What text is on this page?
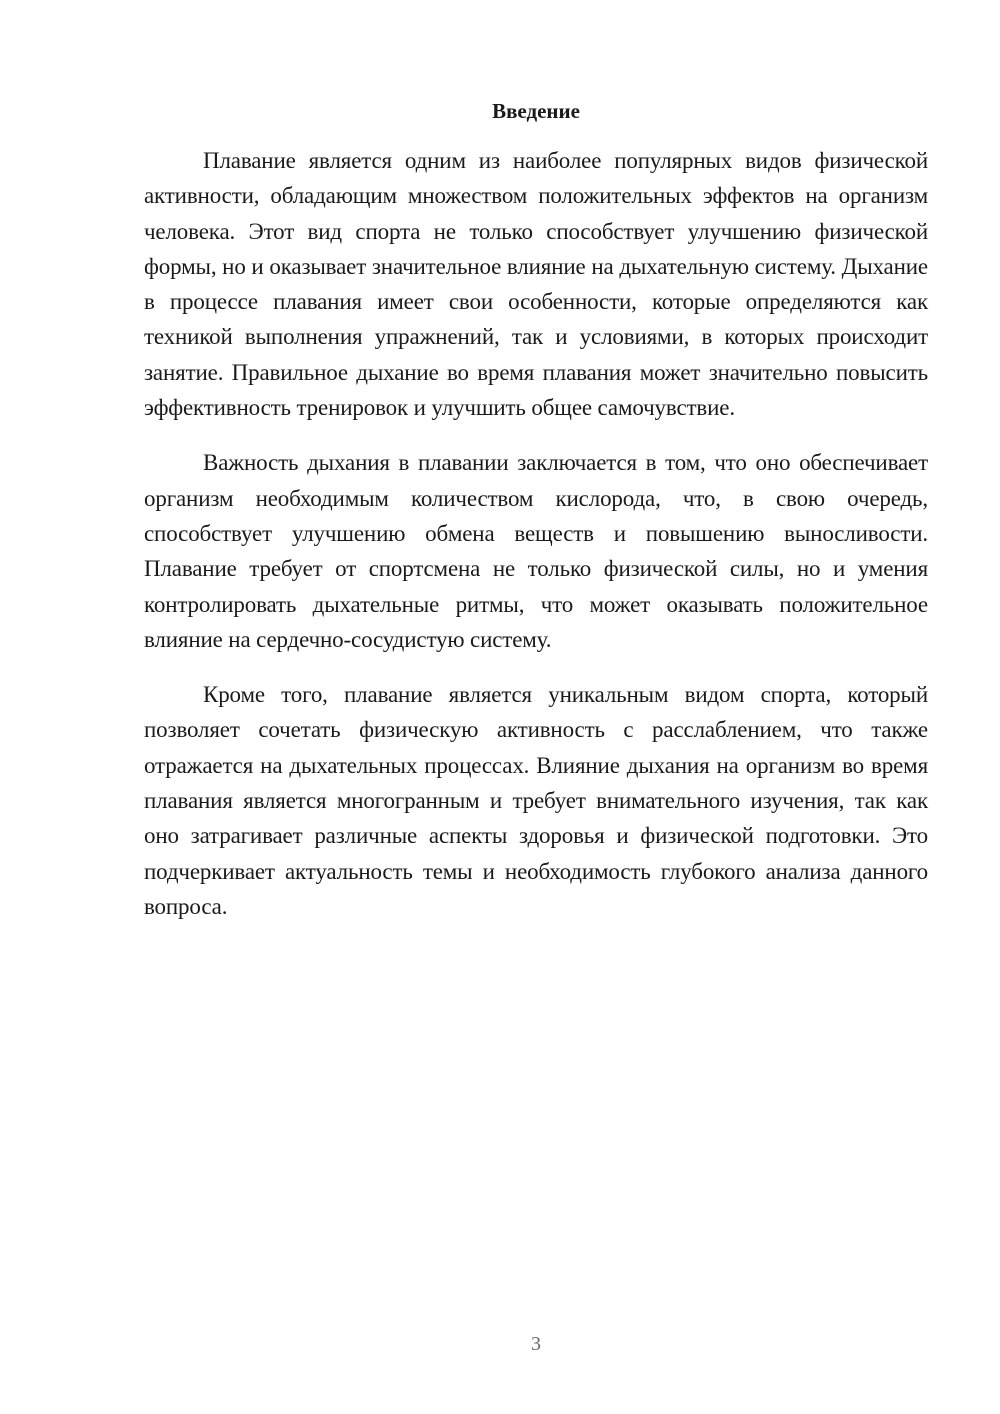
Введение

Плавание является одним из наиболее популярных видов физической активности, обладающим множеством положительных эффектов на организм человека. Этот вид спорта не только способствует улучшению физической формы, но и оказывает значительное влияние на дыхательную систему. Дыхание в процессе плавания имеет свои особенности, которые определяются как техникой выполнения упражнений, так и условиями, в которых происходит занятие. Правильное дыхание во время плавания может значительно повысить эффективность тренировок и улучшить общее самочувствие.

Важность дыхания в плавании заключается в том, что оно обеспечивает организм необходимым количеством кислорода, что, в свою очередь, способствует улучшению обмена веществ и повышению выносливости. Плавание требует от спортсмена не только физической силы, но и умения контролировать дыхательные ритмы, что может оказывать положительное влияние на сердечно-сосудистую систему.

Кроме того, плавание является уникальным видом спорта, который позволяет сочетать физическую активность с расслаблением, что также отражается на дыхательных процессах. Влияние дыхания на организм во время плавания является многогранным и требует внимательного изучения, так как оно затрагивает различные аспекты здоровья и физической подготовки. Это подчеркивает актуальность темы и необходимость глубокого анализа данного вопроса.

3
